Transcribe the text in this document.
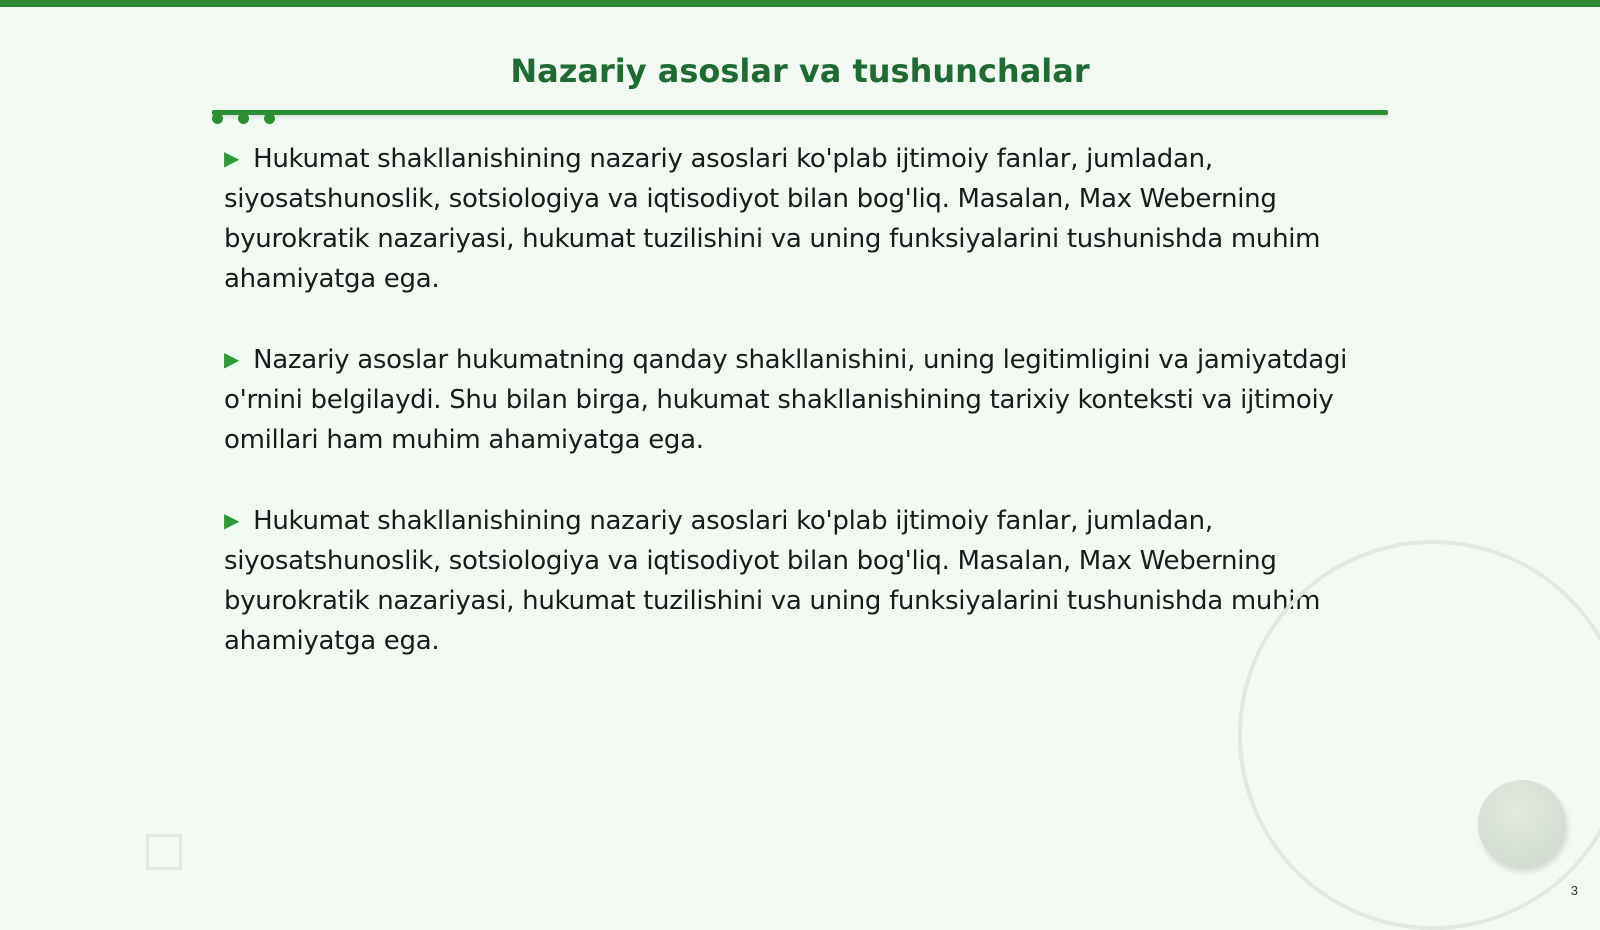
Nazariy asoslar va tushunchalar

▶ Hukumat shakllanishining nazariy asoslari ko'plab ijtimoiy fanlar, jumladan, siyosatshunoslik, sotsiologiya va iqtisodiyot bilan bog'liq. Masalan, Max Weberning byurokratik nazariyasi, hukumat tuzilishini va uning funksiyalarini tushunishda muhim ahamiyatga ega.

▶ Nazariy asoslar hukumatning qanday shakllanishini, uning legitimligini va jamiyatdagi o'rnini belgilaydi. Shu bilan birga, hukumat shakllanishining tarixiy konteksti va ijtimoiy omillari ham muhim ahamiyatga ega.

▶ Hukumat shakllanishining nazariy asoslari ko'plab ijtimoiy fanlar, jumladan, siyosatshunoslik, sotsiologiya va iqtisodiyot bilan bog'liq. Masalan, Max Weberning byurokratik nazariyasi, hukumat tuzilishini va uning funksiyalarini tushunishda muhim ahamiyatga ega.

3
